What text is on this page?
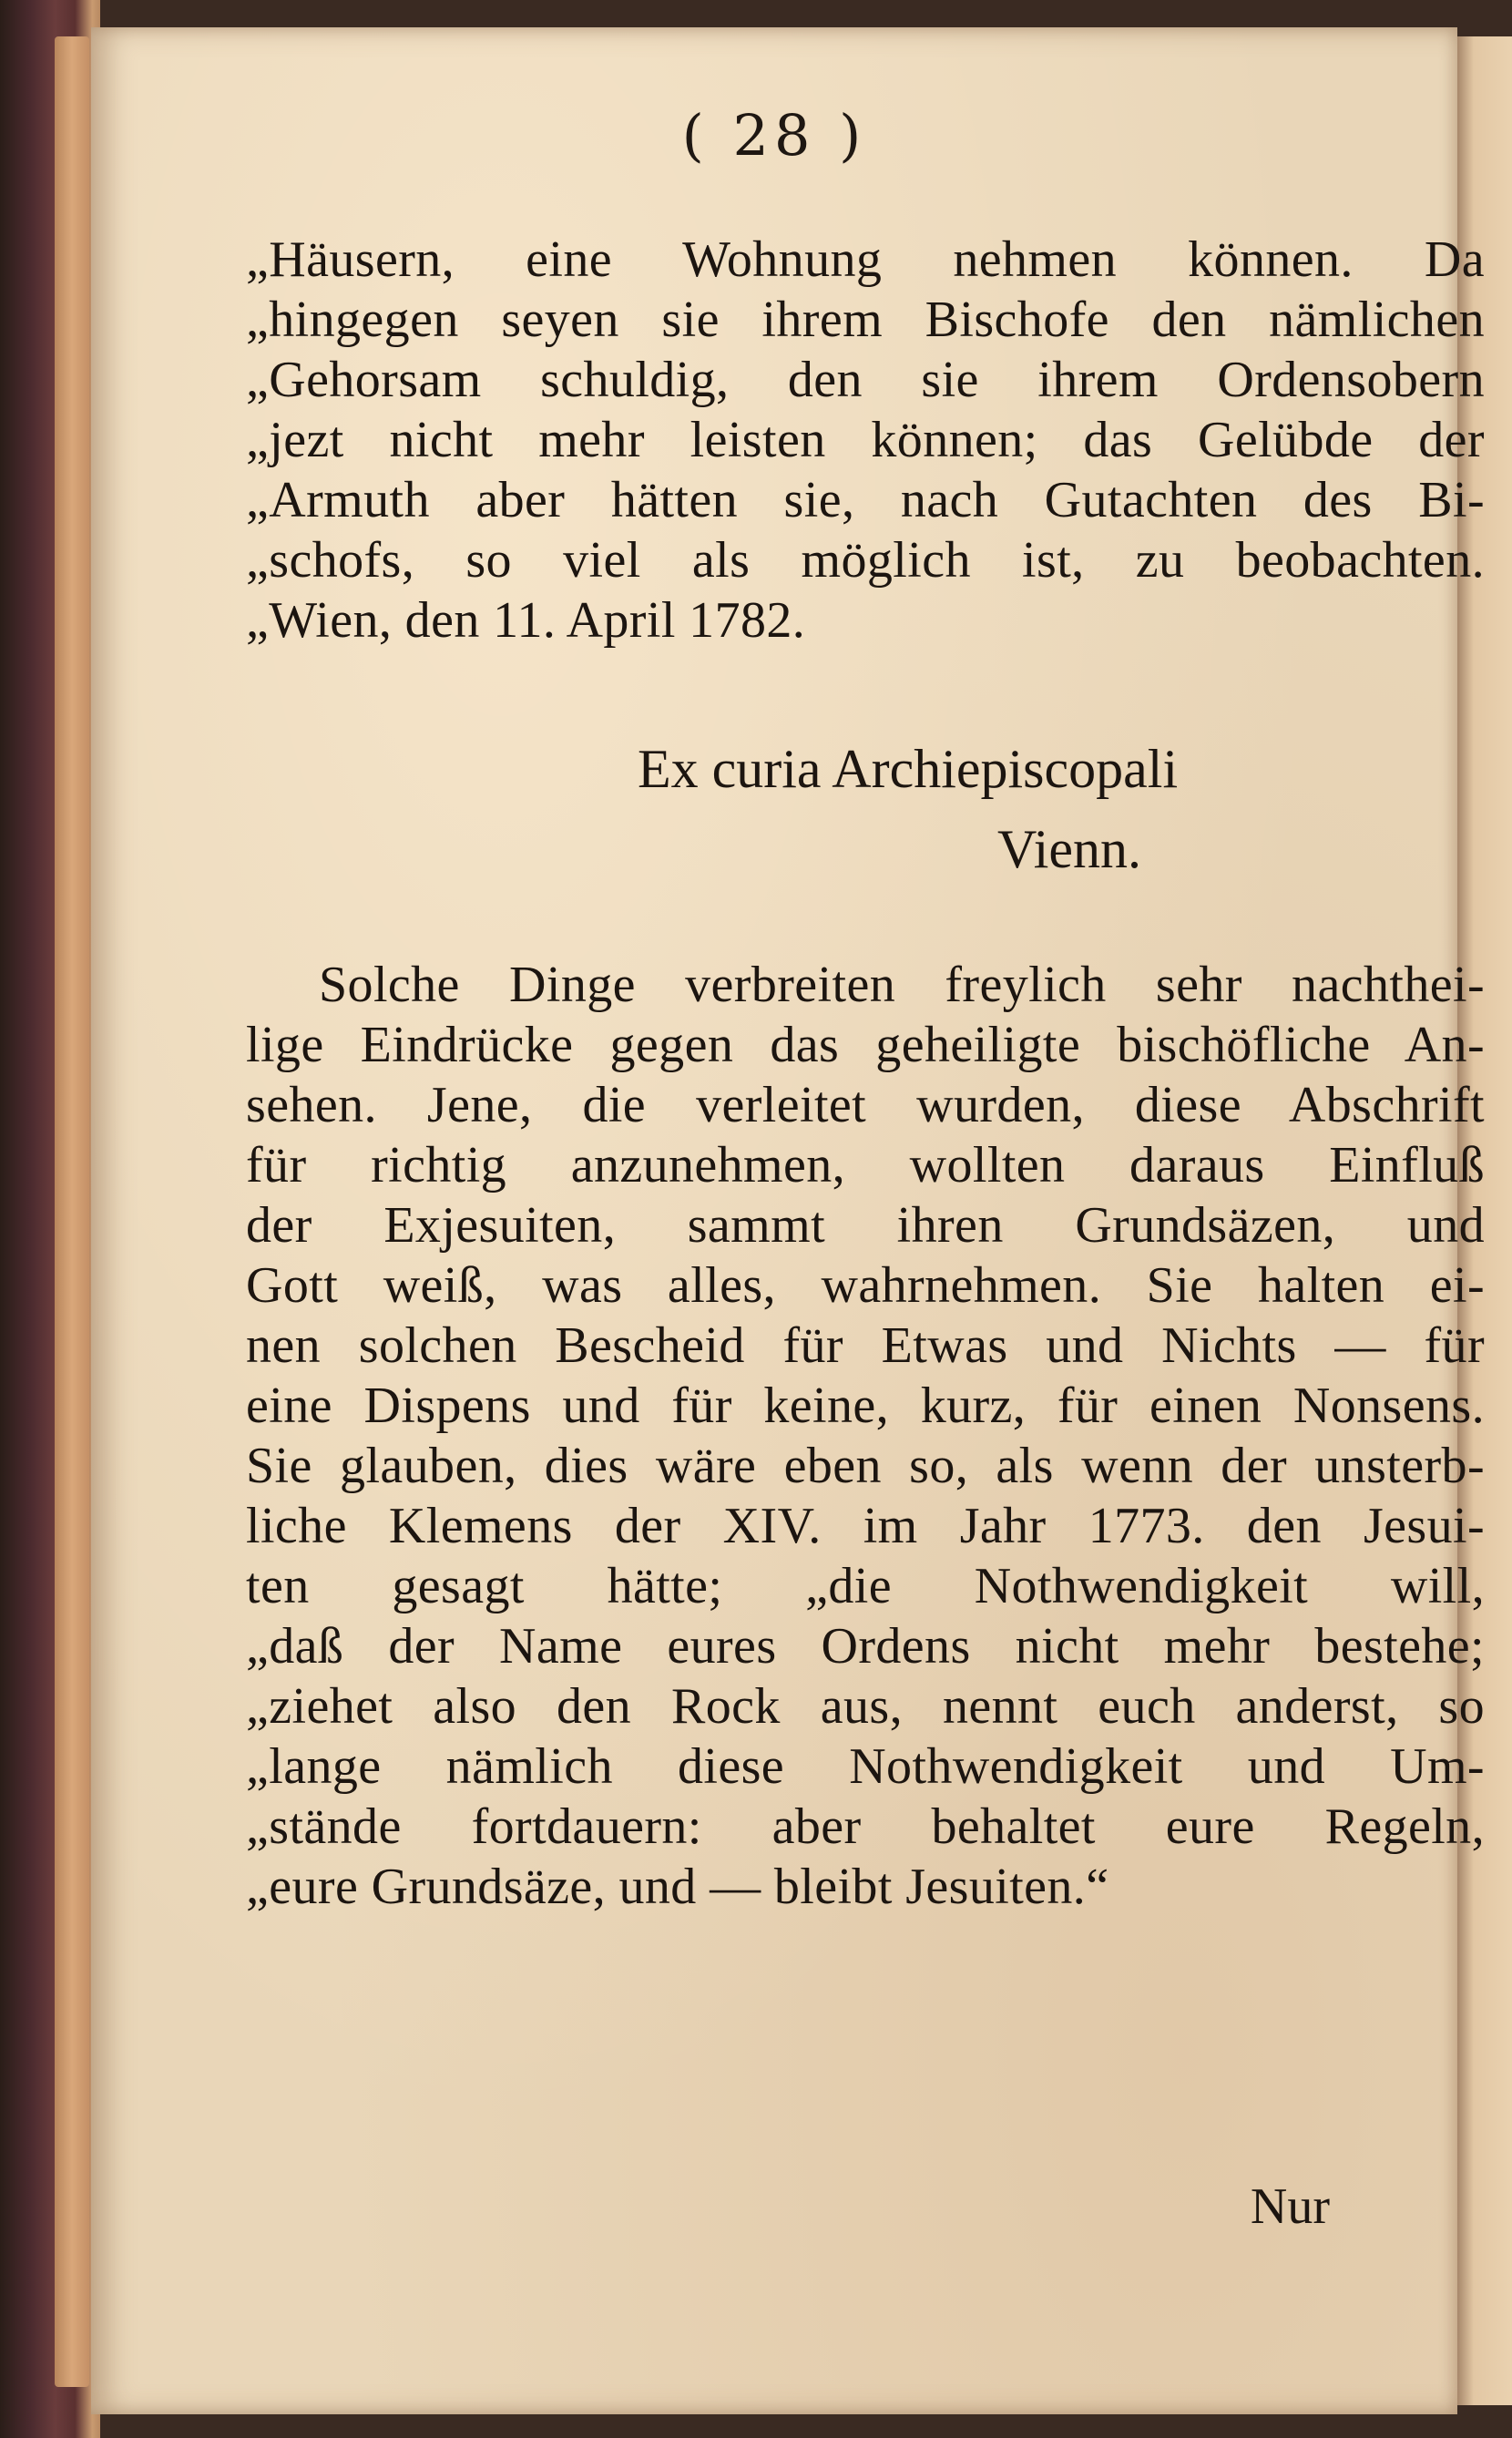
( 28 )
„Häusern, eine Wohnung nehmen können. Da
„hingegen seyen sie ihrem Bischofe den nämlichen
„Gehorsam schuldig, den sie ihrem Ordensobern
„jezt nicht mehr leisten können; das Gelübde der
„Armuth aber hätten sie, nach Gutachten des Bi-
„schofs, so viel als möglich ist, zu beobachten.
„Wien, den 11. April 1782.
Ex curia Archiepiscopali
Vienn.
Solche Dinge verbreiten freylich sehr nachthei-
lige Eindrücke gegen das geheiligte bischöfliche An-
sehen. Jene, die verleitet wurden, diese Abschrift
für richtig anzunehmen, wollten daraus Einfluß
der Exjesuiten, sammt ihren Grundsäzen, und
Gott weiß, was alles, wahrnehmen. Sie halten ei-
nen solchen Bescheid für Etwas und Nichts — für
eine Dispens und für keine, kurz, für einen Nonsens.
Sie glauben, dies wäre eben so, als wenn der unsterb-
liche Klemens der XIV. im Jahr 1773. den Jesui-
ten gesagt hätte; „die Nothwendigkeit will,
„daß der Name eures Ordens nicht mehr bestehe;
„ziehet also den Rock aus, nennt euch anderst, so
„lange nämlich diese Nothwendigkeit und Um-
„stände fortdauern: aber behaltet eure Regeln,
„eure Grundsäze, und — bleibt Jesuiten.“
Nur
